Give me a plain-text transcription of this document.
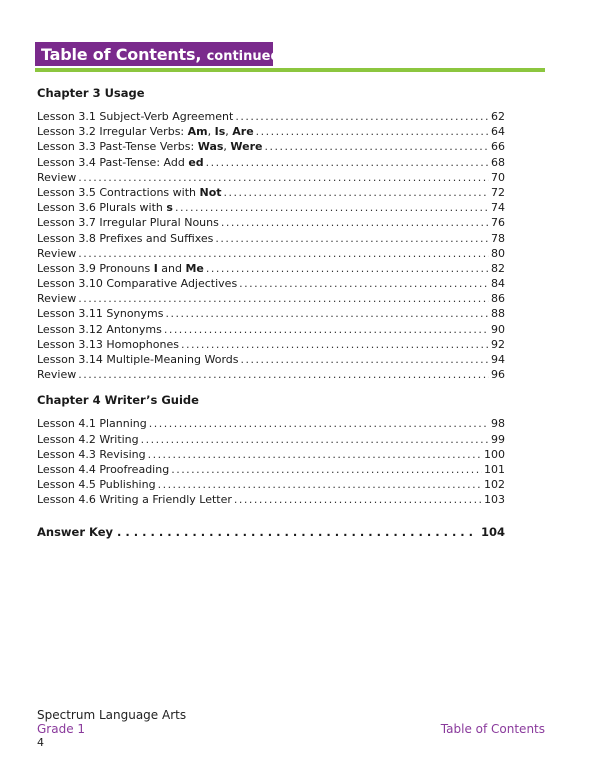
Table of Contents, continued
Chapter 3 Usage
Lesson 3.1 Subject-Verb Agreement . . .	62
Lesson 3.2 Irregular Verbs: Am, Is, Are . . .	64
Lesson 3.3 Past-Tense Verbs: Was, Were . . .	66
Lesson 3.4 Past-Tense: Add ed . . .	68
Review . . .	70
Lesson 3.5 Contractions with Not . . .	72
Lesson 3.6 Plurals with s . . .	74
Lesson 3.7 Irregular Plural Nouns . . .	76
Lesson 3.8 Prefixes and Suffixes . . .	78
Review . . .	80
Lesson 3.9 Pronouns I and Me . . .	82
Lesson 3.10 Comparative Adjectives . . .	84
Review . . .	86
Lesson 3.11 Synonyms . . .	88
Lesson 3.12 Antonyms . . .	90
Lesson 3.13 Homophones . . .	92
Lesson 3.14 Multiple-Meaning Words . . .	94
Review . . .	96
Chapter 4 Writer’s Guide
Lesson 4.1 Planning . . .	98
Lesson 4.2 Writing . . .	99
Lesson 4.3 Revising . . .	100
Lesson 4.4 Proofreading . . .	101
Lesson 4.5 Publishing . . .	102
Lesson 4.6 Writing a Friendly Letter . . .	103
Answer Key . . .	104
Spectrum Language Arts
Grade 1	Table of Contents
4
